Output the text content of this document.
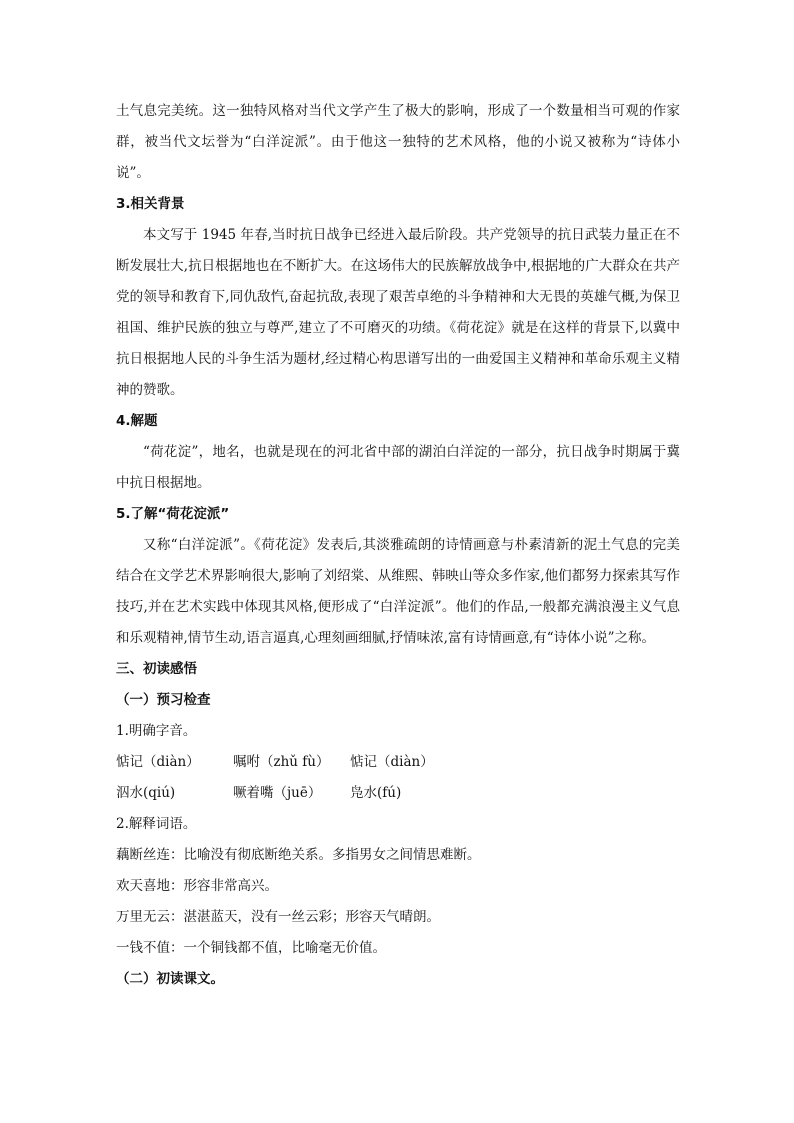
土气息完美统。这一独特风格对当代文学产生了极大的影响，形成了一个数量相当可观的作家群，被当代文坛誉为“白洋淀派”。由于他这一独特的艺术风格，他的小说又被称为“诗体小说”。

3.相关背景

本文写于 1945 年春,当时抗日战争已经进入最后阶段。共产党领导的抗日武装力量正在不断发展壮大,抗日根据地也在不断扩大。在这场伟大的民族解放战争中,根据地的广大群众在共产党的领导和教育下,同仇敌忾,奋起抗敌,表现了艰苦卓绝的斗争精神和大无畏的英雄气概,为保卫祖国、维护民族的独立与尊严,建立了不可磨灭的功绩。《荷花淀》就是在这样的背景下,以冀中抗日根据地人民的斗争生活为题材,经过精心构思谱写出的一曲爱国主义精神和革命乐观主义精神的赞歌。

4.解题

“荷花淀”，地名，也就是现在的河北省中部的湖泊白洋淀的一部分，抗日战争时期属于冀中抗日根据地。

5.了解“荷花淀派”

又称“白洋淀派”。《荷花淀》发表后,其淡雅疏朗的诗情画意与朴素清新的泥土气息的完美结合在文学艺术界影响很大,影响了刘绍棠、从维熙、韩映山等众多作家,他们都努力探索其写作技巧,并在艺术实践中体现其风格,便形成了“白洋淀派”。他们的作品,一般都充满浪漫主义气息和乐观精神,情节生动,语言逼真,心理刻画细腻,抒情味浓,富有诗情画意,有“诗体小说”之称。

三、初读感悟

（一）预习检查

1.明确字音。

惦记（diàn）	嘱咐（zhǔ fù）	惦记（diàn）
泅水(qiú)	噘着嘴（juē）	凫水(fú)

2.解释词语。

藕断丝连：比喻没有彻底断绝关系。多指男女之间情思难断。

欢天喜地：形容非常高兴。

万里无云：湛湛蓝天，没有一丝云彩；形容天气晴朗。

一钱不值：一个铜钱都不值，比喻毫无价值。

（二）初读课文。
